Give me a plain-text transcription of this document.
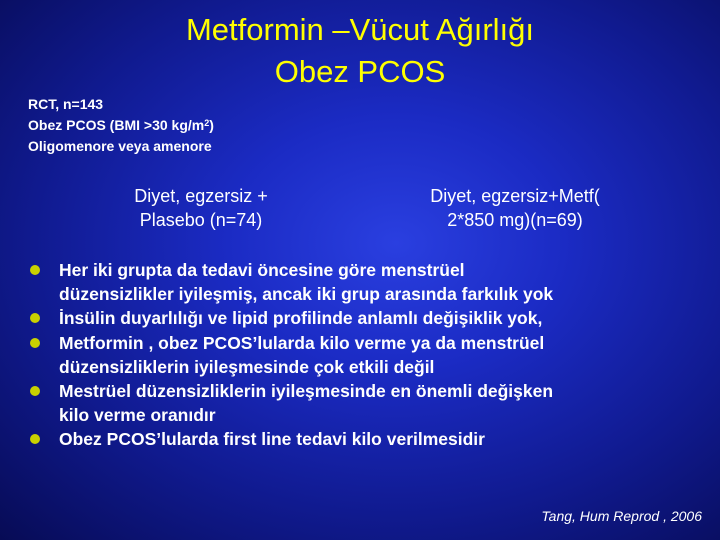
Metformin –Vücut Ağırlığı
Obez PCOS
RCT, n=143
Obez PCOS (BMI >30 $kg/m^2$)
Oligomenore veya amenore
Diyet, egzersiz +
Plasebo (n=74)
Diyet, egzersiz+Metf(
2*850 mg)(n=69)
Her iki grupta da tedavi öncesine göre menstrüel
düzensizlikler iyileşmiş, ancak iki grup arasında farkılık yok
İnsülin duyarlılığı ve lipid profilinde anlamlı değişiklik yok,
Metformin , obez PCOS’lularda kilo verme ya da menstrüel
düzensizliklerin iyileşmesinde çok etkili değil
Mestrüel düzensizliklerin iyileşmesinde en önemli değişken
kilo verme oranıdır
Obez PCOS’lularda first line tedavi kilo verilmesidir
Tang, Hum Reprod , 2006
